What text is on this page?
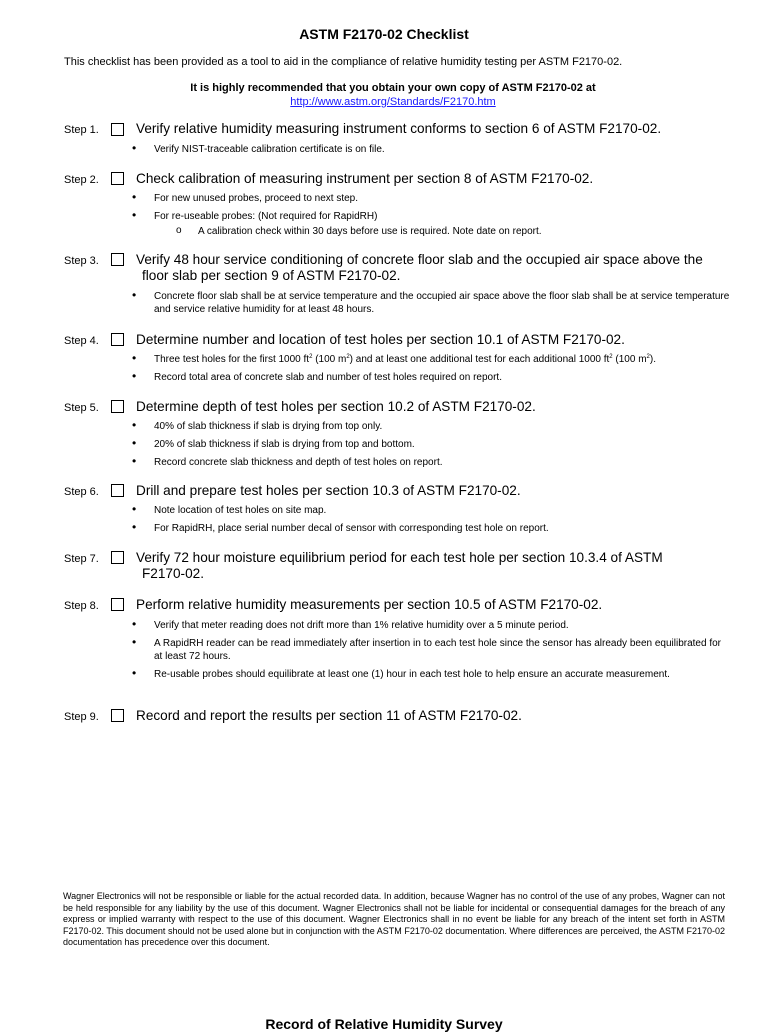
ASTM F2170-02 Checklist
This checklist has been provided as a tool to aid in the compliance of relative humidity testing per ASTM F2170-02.
It is highly recommended that you obtain your own copy of ASTM F2170-02 at
http://www.astm.org/Standards/F2170.htm
Step 1.	Verify relative humidity measuring instrument conforms to section 6 of ASTM F2170-02.
• Verify NIST-traceable calibration certificate is on file.
Step 2.	Check calibration of measuring instrument per section 8 of ASTM F2170-02.
• For new unused probes, proceed to next step.
• For re-useable probes: (Not required for RapidRH)
o A calibration check within 30 days before use is required. Note date on report.
Step 3.	Verify 48 hour service conditioning of concrete floor slab and the occupied air space above the
floor slab per section 9 of ASTM F2170-02.
• Concrete floor slab shall be at service temperature and the occupied air space above the floor slab shall be at service temperature and service relative humidity for at least 48 hours.
Step 4.	Determine number and location of test holes per section 10.1 of ASTM F2170-02.
• Three test holes for the first 1000 $ft^2$ (100 $m^2$) and at least one additional test for each additional 1000 $ft^2$ (100 $m^2$).
• Record total area of concrete slab and number of test holes required on report.
Step 5.	Determine depth of test holes per section 10.2 of ASTM F2170-02.
• 40% of slab thickness if slab is drying from top only.
• 20% of slab thickness if slab is drying from top and bottom.
• Record concrete slab thickness and depth of test holes on report.
Step 6.	Drill and prepare test holes per section 10.3 of ASTM F2170-02.
• Note location of test holes on site map.
• For RapidRH, place serial number decal of sensor with corresponding test hole on report.
Step 7.	Verify 72 hour moisture equilibrium period for each test hole per section 10.3.4 of ASTM
F2170-02.
Step 8.	Perform relative humidity measurements per section 10.5 of ASTM F2170-02.
• Verify that meter reading does not drift more than 1% relative humidity over a 5 minute period.
• A RapidRH reader can be read immediately after insertion in to each test hole since the sensor has already been equilibrated for at least 72 hours.
• Re-usable probes should equilibrate at least one (1) hour in each test hole to help ensure an accurate measurement.
Step 9.	Record and report the results per section 11 of ASTM F2170-02.
Wagner Electronics will not be responsible or liable for the actual recorded data. In addition, because Wagner has no control of the use of any probes, Wagner can not be held responsible for any liability by the use of this document. Wagner Electronics shall not be liable for incidental or consequential damages for the breach of any express or implied warranty with respect to the use of this document. Wagner Electronics shall in no event be liable for any breach of the intent set forth in ASTM F2170-02. This document should not be used alone but in conjunction with the ASTM F2170-02 documentation. Where differences are perceived, the ASTM F2170-02 documentation has precedence over this document.
Record of Relative Humidity Survey
